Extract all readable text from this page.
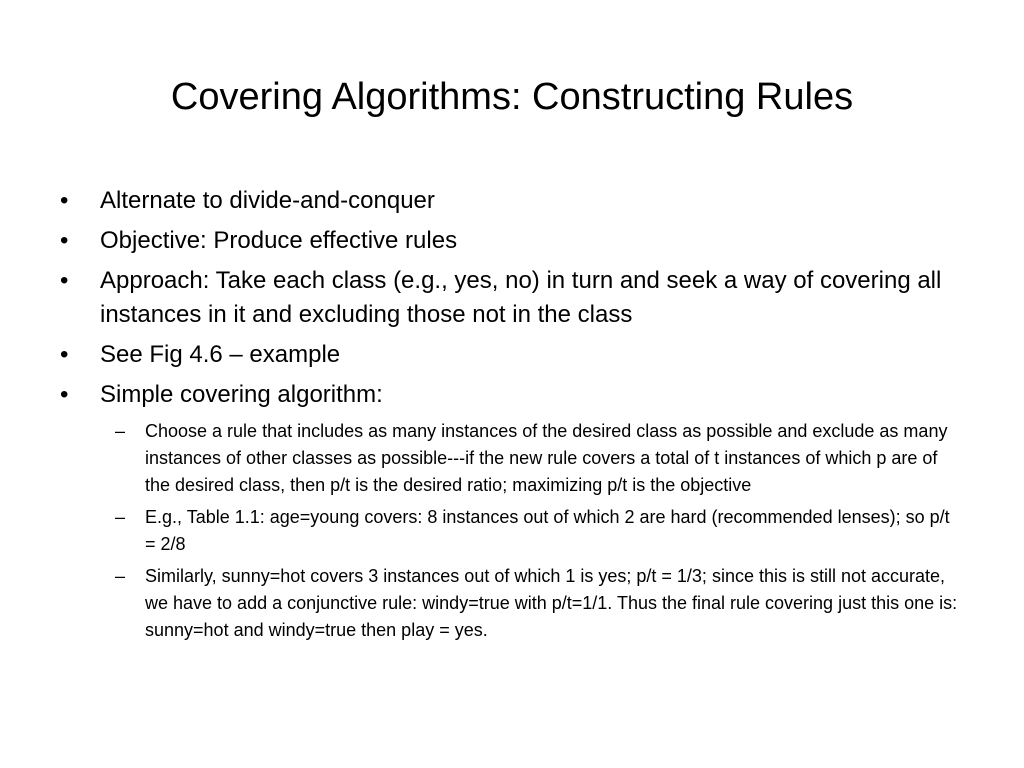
Covering Algorithms: Constructing Rules
•	Alternate to divide-and-conquer
•	Objective: Produce effective rules
•	Approach: Take each class (e.g., yes, no) in turn and seek a way of covering all instances in it and excluding those not in the class
•	See Fig 4.6 – example
•	Simple covering algorithm:
–	Choose a rule that includes as many instances of the desired class as possible and exclude as many instances of other classes as possible---if the new rule covers a total of t instances of which p are of the desired class, then p/t is the desired ratio; maximizing p/t is the objective
–	E.g., Table 1.1: age=young covers: 8 instances out of which 2 are hard (recommended lenses); so p/t = 2/8
–	Similarly, sunny=hot covers 3 instances out of which 1 is yes; p/t = 1/3; since this is still not accurate, we have to add a conjunctive rule: windy=true with p/t=1/1. Thus the final rule covering just this one is: sunny=hot and windy=true then play = yes.
